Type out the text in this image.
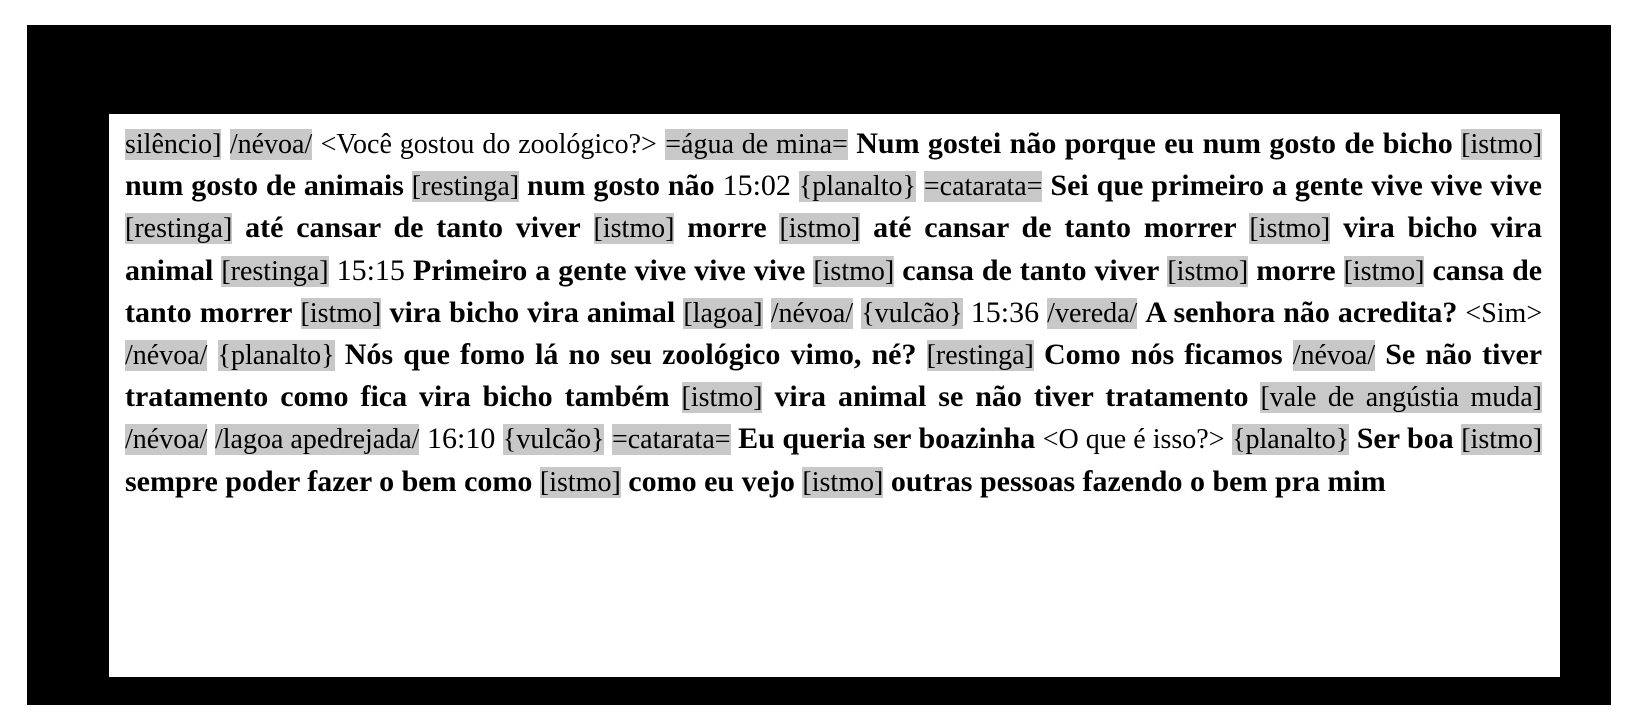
silêncio] /névoa/ <Você gostou do zoológico?> =água de mina= Num gostei não porque eu num gosto de bicho [istmo] num gosto de animais [restinga] num gosto não 15:02 {planalto} =catarata= Sei que primeiro a gente vive vive vive [restinga] até cansar de tanto viver [istmo] morre [istmo] até cansar de tanto morrer [istmo] vira bicho vira animal [restinga] 15:15 Primeiro a gente vive vive vive [istmo] cansa de tanto viver [istmo] morre [istmo] cansa de tanto morrer [istmo] vira bicho vira animal [lagoa] /névoa/ {vulcão} 15:36 /vereda/ A senhora não acredita? <Sim> /névoa/ {planalto} Nós que fomo lá no seu zoológico vimo, né? [restinga] Como nós ficamos /névoa/ Se não tiver tratamento como fica vira bicho também [istmo] vira animal se não tiver tratamento [vale de angústia muda] /névoa/ /lagoa apedrejada/ 16:10 {vulcão} =catarata= Eu queria ser boazinha <O que é isso?> {planalto} Ser boa [istmo] sempre poder fazer o bem como [istmo] como eu vejo [istmo] outras pessoas fazendo o bem pra mim
